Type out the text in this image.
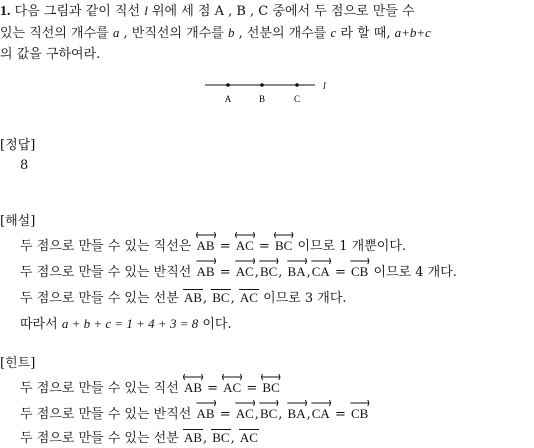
1. 다음 그림과 같이 직선 l 위에 세 점 A , B , C 중에서 두 점으로 만들 수
있는 직선의 개수를 a , 반직선의 개수를 b , 선분의 개수를 c 라 할 때, a+b+c
의 값을 구하여라.
A	B	C
l
[정답]
8
[해설]
두 점으로 만들 수 있는 직선은 AB
= AC
= BC
이므로 1 개뿐이다.
두 점으로 만들 수 있는 반직선 AB
= AC
,BC
, BA
,CA
= CB
이므로 4 개다.
두 점으로 만들 수 있는 선분 AB, BC, AC 이므로 3 개다.
따라서 a + b + c = 1 + 4 + 3 = 8 이다.
[힌트]
두 점으로 만들 수 있는 직선 AB
= AC
= BC
두 점으로 만들 수 있는 반직선 AB
= AC
,BC
, BA
,CA
= CB
두 점으로 만들 수 있는 선분 AB, BC, AC
